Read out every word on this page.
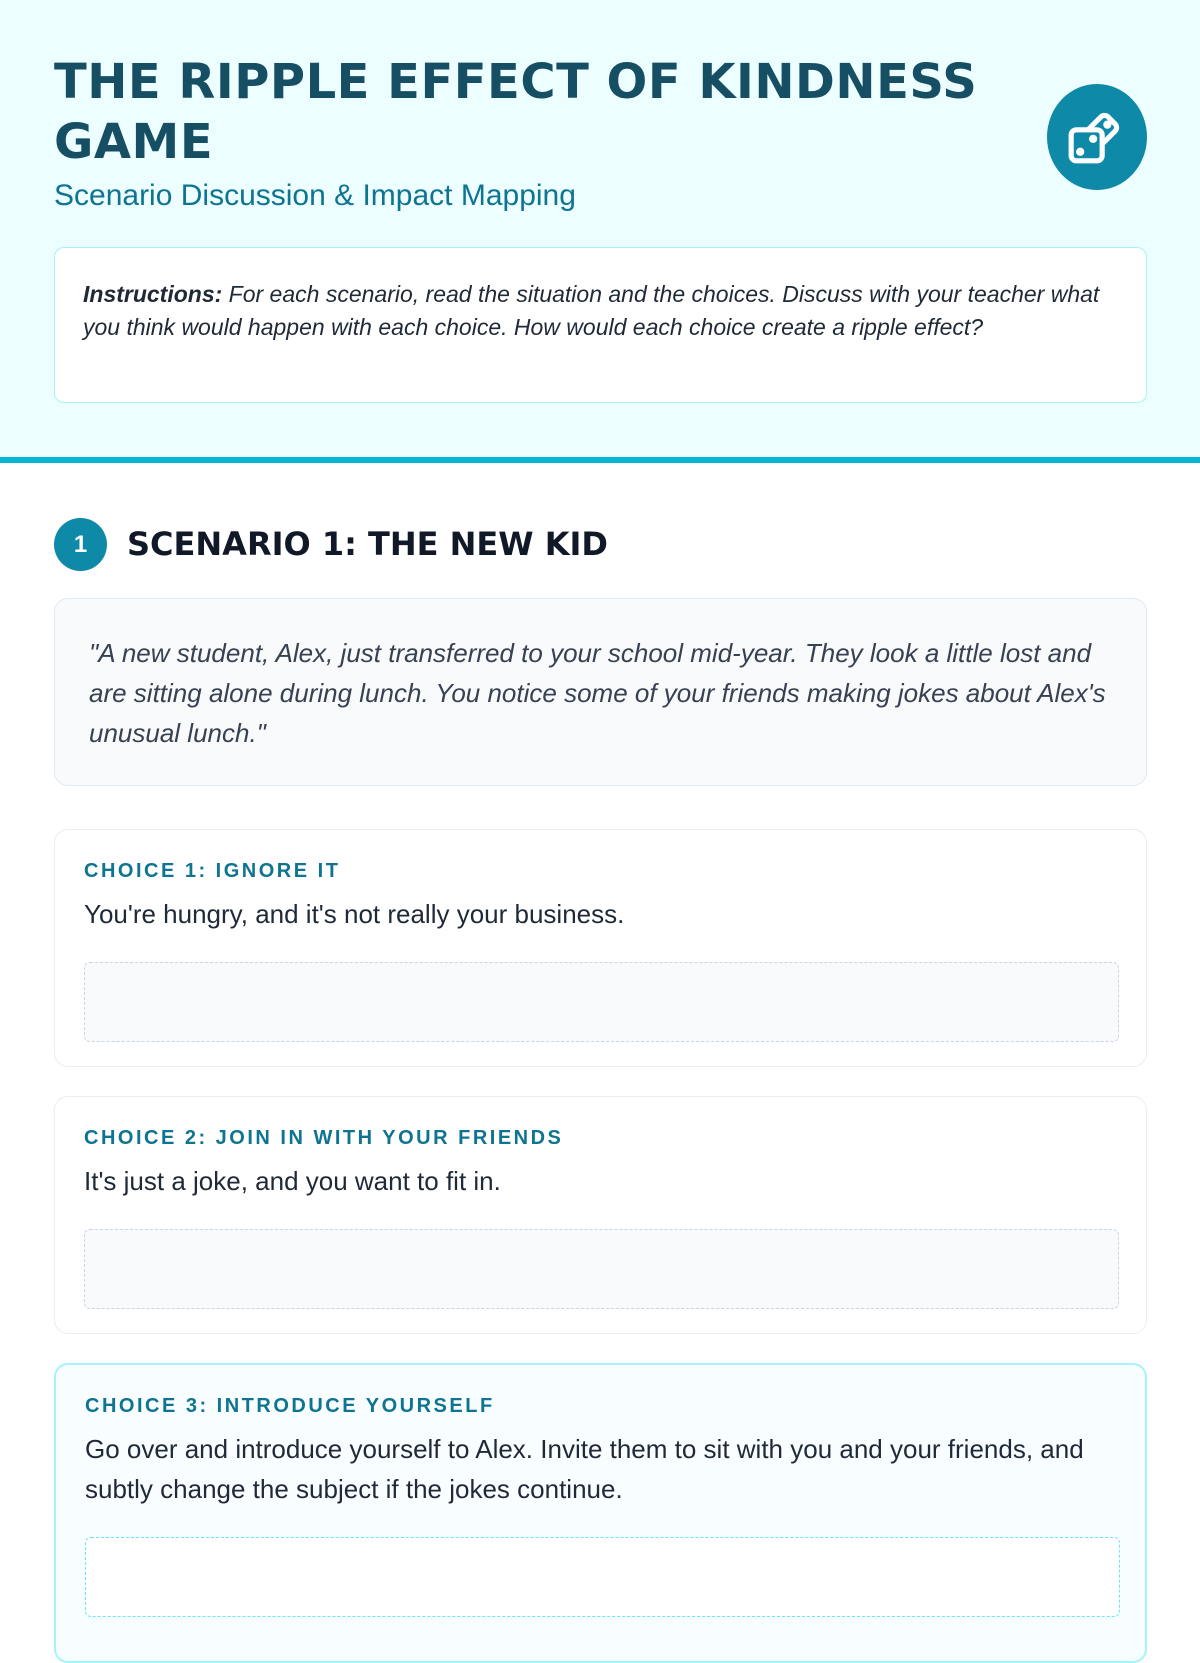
THE RIPPLE EFFECT OF KINDNESS GAME
Scenario Discussion & Impact Mapping
Instructions: For each scenario, read the situation and the choices. Discuss with your teacher what you think would happen with each choice. How would each choice create a ripple effect?
1	SCENARIO 1: THE NEW KID
"A new student, Alex, just transferred to your school mid-year. They look a little lost and are sitting alone during lunch. You notice some of your friends making jokes about Alex's unusual lunch."
CHOICE 1: IGNORE IT
You're hungry, and it's not really your business.
CHOICE 2: JOIN IN WITH YOUR FRIENDS
It's just a joke, and you want to fit in.
CHOICE 3: INTRODUCE YOURSELF
Go over and introduce yourself to Alex. Invite them to sit with you and your friends, and subtly change the subject if the jokes continue.
